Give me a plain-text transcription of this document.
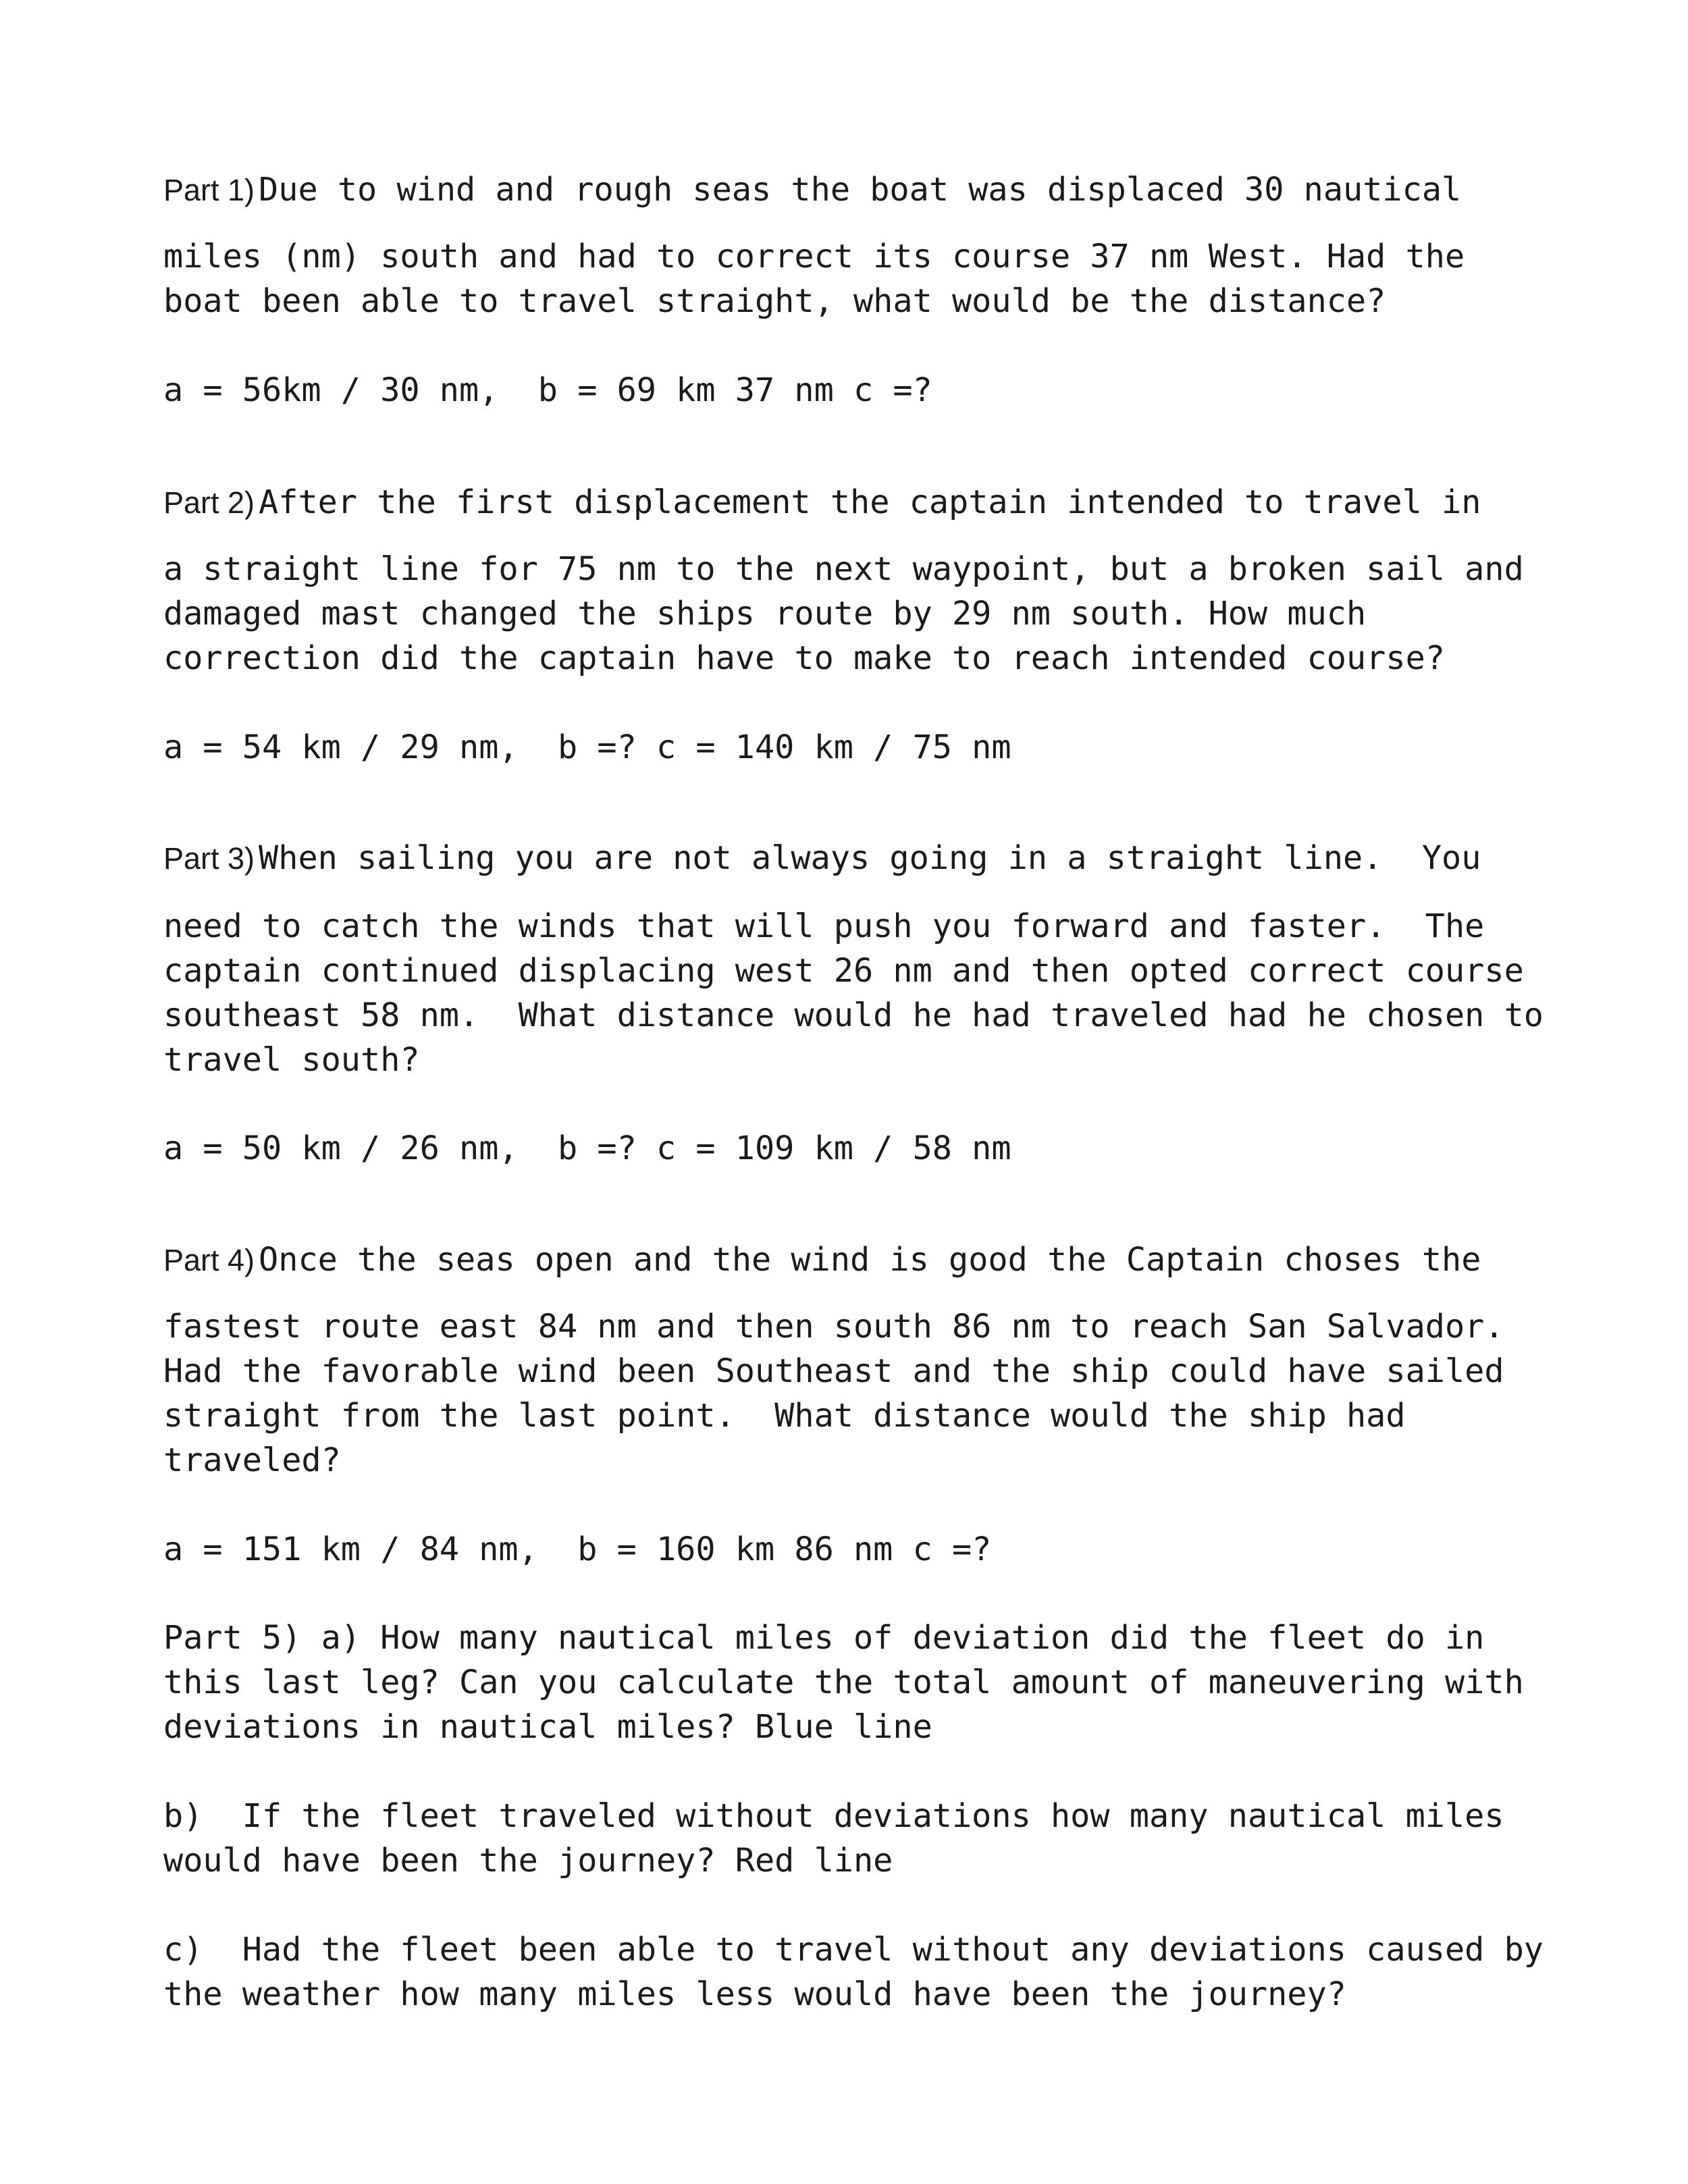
Part 1) Due to wind and rough seas the boat was displaced 30 nautical
miles (nm) south and had to correct its course 37 nm West. Had the
boat been able to travel straight, what would be the distance?
a = 56km / 30 nm,  b = 69 km 37 nm c =?
Part 2) After the first displacement the captain intended to travel in
a straight line for 75 nm to the next waypoint, but a broken sail and
damaged mast changed the ships route by 29 nm south. How much
correction did the captain have to make to reach intended course?
a = 54 km / 29 nm,  b =? c = 140 km / 75 nm
Part 3) When sailing you are not always going in a straight line.  You
need to catch the winds that will push you forward and faster.  The
captain continued displacing west 26 nm and then opted correct course
southeast 58 nm.  What distance would he had traveled had he chosen to
travel south?
a = 50 km / 26 nm,  b =? c = 109 km / 58 nm
Part 4) Once the seas open and the wind is good the Captain choses the
fastest route east 84 nm and then south 86 nm to reach San Salvador.
Had the favorable wind been Southeast and the ship could have sailed
straight from the last point.  What distance would the ship had
traveled?
a = 151 km / 84 nm,  b = 160 km 86 nm c =?
Part 5) a) How many nautical miles of deviation did the fleet do in
this last leg? Can you calculate the total amount of maneuvering with
deviations in nautical miles? Blue line
b)  If the fleet traveled without deviations how many nautical miles
would have been the journey? Red line
c)  Had the fleet been able to travel without any deviations caused by
the weather how many miles less would have been the journey?
